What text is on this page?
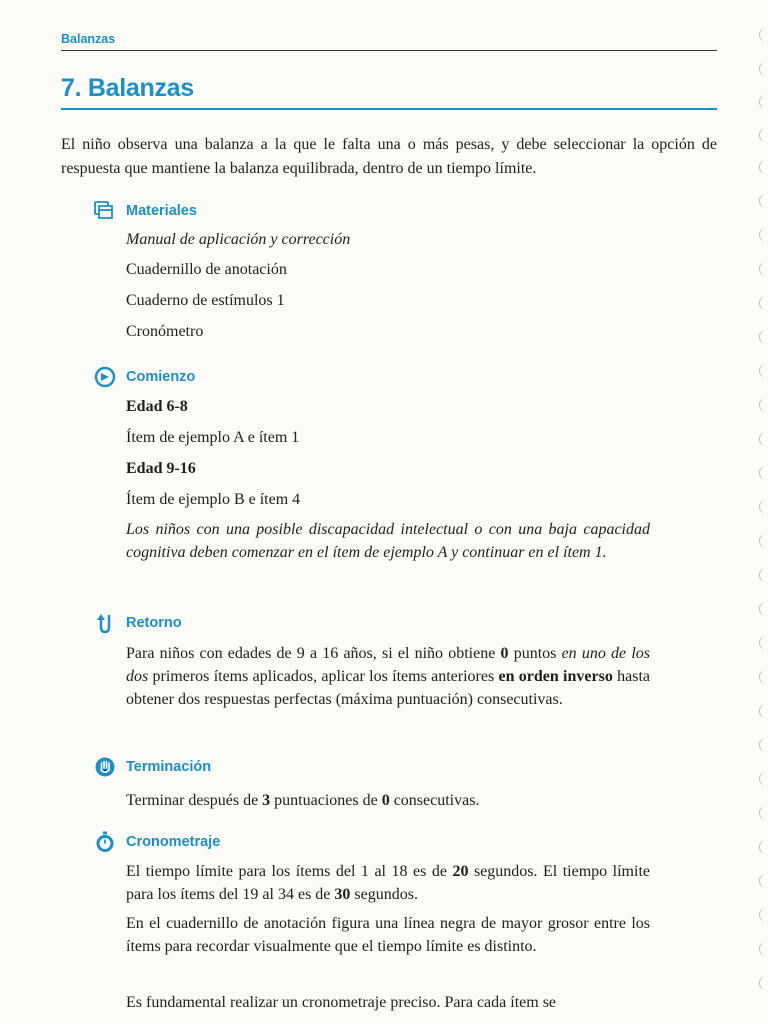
Balanzas
7. Balanzas

El niño observa una balanza a la que le falta una o más pesas, y debe seleccionar la opción de respuesta que mantiene la balanza equilibrada, dentro de un tiempo límite.

Materiales
Manual de aplicación y corrección
Cuadernillo de anotación
Cuaderno de estímulos 1
Cronómetro
Comienzo
Edad 6-8
Ítem de ejemplo A e ítem 1
Edad 9-16
Ítem de ejemplo B e ítem 4

Los niños con una posible discapacidad intelectual o con una baja capacidad cognitiva deben comenzar en el ítem de ejemplo A y continuar en el ítem 1.

Retorno

Para niños con edades de 9 a 16 años, si el niño obtiene 0 puntos en uno de los dos primeros ítems aplicados, aplicar los ítems anteriores en orden inverso hasta obtener dos respuestas perfectas (máxima puntuación) consecutivas.

Terminación

Terminar después de 3 puntuaciones de 0 consecutivas.

Cronometraje

El tiempo límite para los ítems del 1 al 18 es de 20 segundos. El tiempo límite para los ítems del 19 al 34 es de 30 segundos.

En el cuadernillo de anotación figura una línea negra de mayor grosor entre los ítems para recordar visualmente que el tiempo límite es distinto.

Es fundamental realizar un cronometraje preciso. Para cada ítem se
